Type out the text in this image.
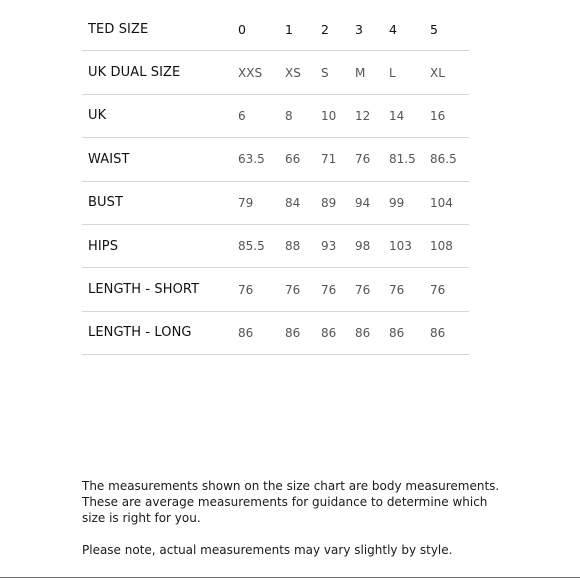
TED SIZE	0	1 2 3 4	5
UK DUAL SIZE	XXS XS S M L	XL
UK	6	8 10 12 14 16
WAIST	63.5 66 71 76 81.5 86.5
BUST	79	84 89 94 99 104
HIPS	85.5 88 93 98 103 108
LENGTH - SHORT	76	76 76 76 76 76
LENGTH - LONG	86	86 86 86 86 86

The measurements shown on the size chart are body measurements. These are average measurements for guidance to determine which size is right for you.

Please note, actual measurements may vary slightly by style.
